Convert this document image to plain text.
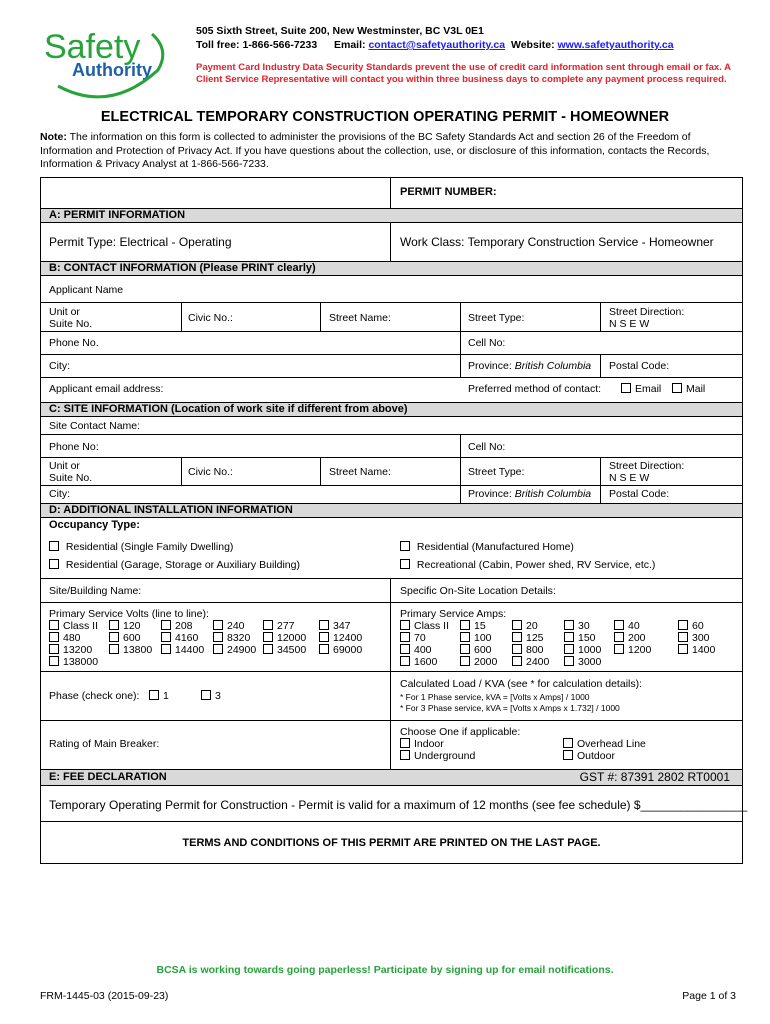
Safety
Authority
505 Sixth Street, Suite 200, New Westminster, BC V3L 0E1
Toll free: 1-866-566-7233 Email: contact@safetyauthority.ca Website: www.safetyauthority.ca
Payment Card Industry Data Security Standards prevent the use of credit card information sent through email or fax. A Client Service Representative will contact you within three business days to complete any payment process required.
ELECTRICAL TEMPORARY CONSTRUCTION OPERATING PERMIT - HOMEOWNER
Note: The information on this form is collected to administer the provisions of the BC Safety Standards Act and section 26 of the Freedom of Information and Protection of Privacy Act. If you have questions about the collection, use, or disclosure of this information, contacts the Records, Information & Privacy Analyst at 1-866-566-7233.
PERMIT NUMBER:
A: PERMIT INFORMATION
Permit Type: Electrical - Operating	Work Class: Temporary Construction Service - Homeowner
B: CONTACT INFORMATION (Please PRINT clearly)
Applicant Name
Unit or
Suite No.	Civic No.:	Street Name:	Street Type:	Street Direction:
N S E W
Phone No.	Cell No:
City:	Province: British Columbia Postal Code:
Applicant email address:	Preferred method of contact:	Email	Mail
C: SITE INFORMATION (Location of work site if different from above)
Site Contact Name:
Phone No:	Cell No:
Unit or
Suite No.	Civic No.:	Street Name:	Street Type:	Street Direction:
N S E W
City:	Province: British Columbia Postal Code:
D: ADDITIONAL INSTALLATION INFORMATION
Occupancy Type:
Residential (Single Family Dwelling)	Residential (Manufactured Home)
Residential (Garage, Storage or Auxiliary Building)	Recreational (Cabin, Power shed, RV Service, etc.)
Site/Building Name:	Specific On-Site Location Details:
Primary Service Volts (line to line):
Class II	120	208	240	277	347
480	600	4160	8320	12000	12400
13200	13800	14400	24900	34500	69000
138000
Primary Service Amps:
Class II	15	20	30	40	60
70	100	125	150	200	300
400	600	800	1000	1200	1400
1600	2000	2400	3000
Phase (check one):	1	3
Calculated Load / KVA (see * for calculation details):
* For 1 Phase service, kVA = [Volts x Amps] / 1000
* For 3 Phase service, kVA = [Volts x Amps x 1.732] / 1000
Rating of Main Breaker:
Choose One if applicable:
Indoor	Overhead Line
Underground	Outdoor
E: FEE DECLARATION	GST #: 87391 2802 RT0001
Temporary Operating Permit for Construction - Permit is valid for a maximum of 12 months (see fee schedule) $________________
TERMS AND CONDITIONS OF THIS PERMIT ARE PRINTED ON THE LAST PAGE.
BCSA is working towards going paperless! Participate by signing up for email notifications.
FRM-1445-03 (2015-09-23)	Page 1 of 3
